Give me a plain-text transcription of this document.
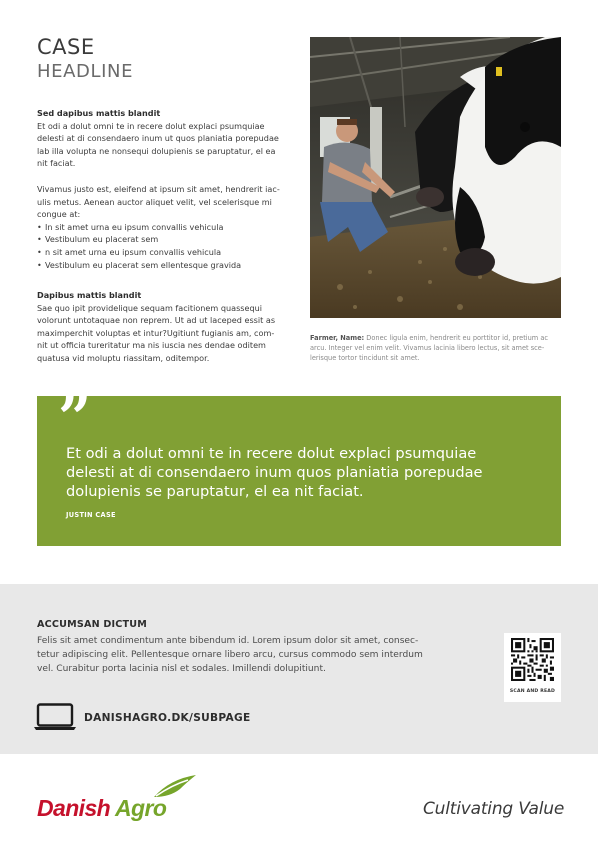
CASE
HEADLINE
Sed dapibus mattis blandit

Et odi a dolut omni te in recere dolut explaci psumquiae

delesti at di consendaero inum ut quos planiatia porepudae

lab illa volupta ne nonsequi dolupienis se paruptatur, el ea

nit faciat.

Vivamus justo est, eleifend at ipsum sit amet, hendrerit iac-

ulis metus. Aenean auctor aliquet velit, vel scelerisque mi

congue at:

• In sit amet urna eu ipsum convallis vehicula
• Vestibulum eu placerat sem
• n sit amet urna eu ipsum convallis vehicula
• Vestibulum eu placerat sem ellentesque gravida
Dapibus mattis blandit

Sae quo ipit providelique sequam facitionem quassequi

volorunt untotaquae non reprem. Ut ad ut laceped essit as

maximperchit voluptas et intur?Ugitiunt fugianis am, com-

nit ut officia tureritatur ma nis iuscia nes dendae oditem

quatusa vid moluptu riassitam, oditempor.

Farmer, Name: Donec ligula enim, hendrerit eu porttitor id, pretium ac
arcu. Integer vel enim velit. Vivamus lacinia libero lectus, sit amet sce-
lerisque tortor tincidunt sit amet.
”
Et odi a dolut omni te in recere dolut explaci psumquiae
delesti at di consendaero inum quos planiatia porepudae
dolupienis se paruptatur, el ea nit faciat.
JUSTIN CASE
ACCUMSAN DICTUM
Felis sit amet condimentum ante bibendum id. Lorem ipsum dolor sit amet, consec-
tetur adipiscing elit. Pellentesque ornare libero arcu, cursus commodo sem interdum
vel. Curabitur porta lacinia nisl et sodales. Imillendi dolupitiunt.
SCAN AND READ
DANISHAGRO.DK/SUBPAGE
Danish Agro	Cultivating Value
